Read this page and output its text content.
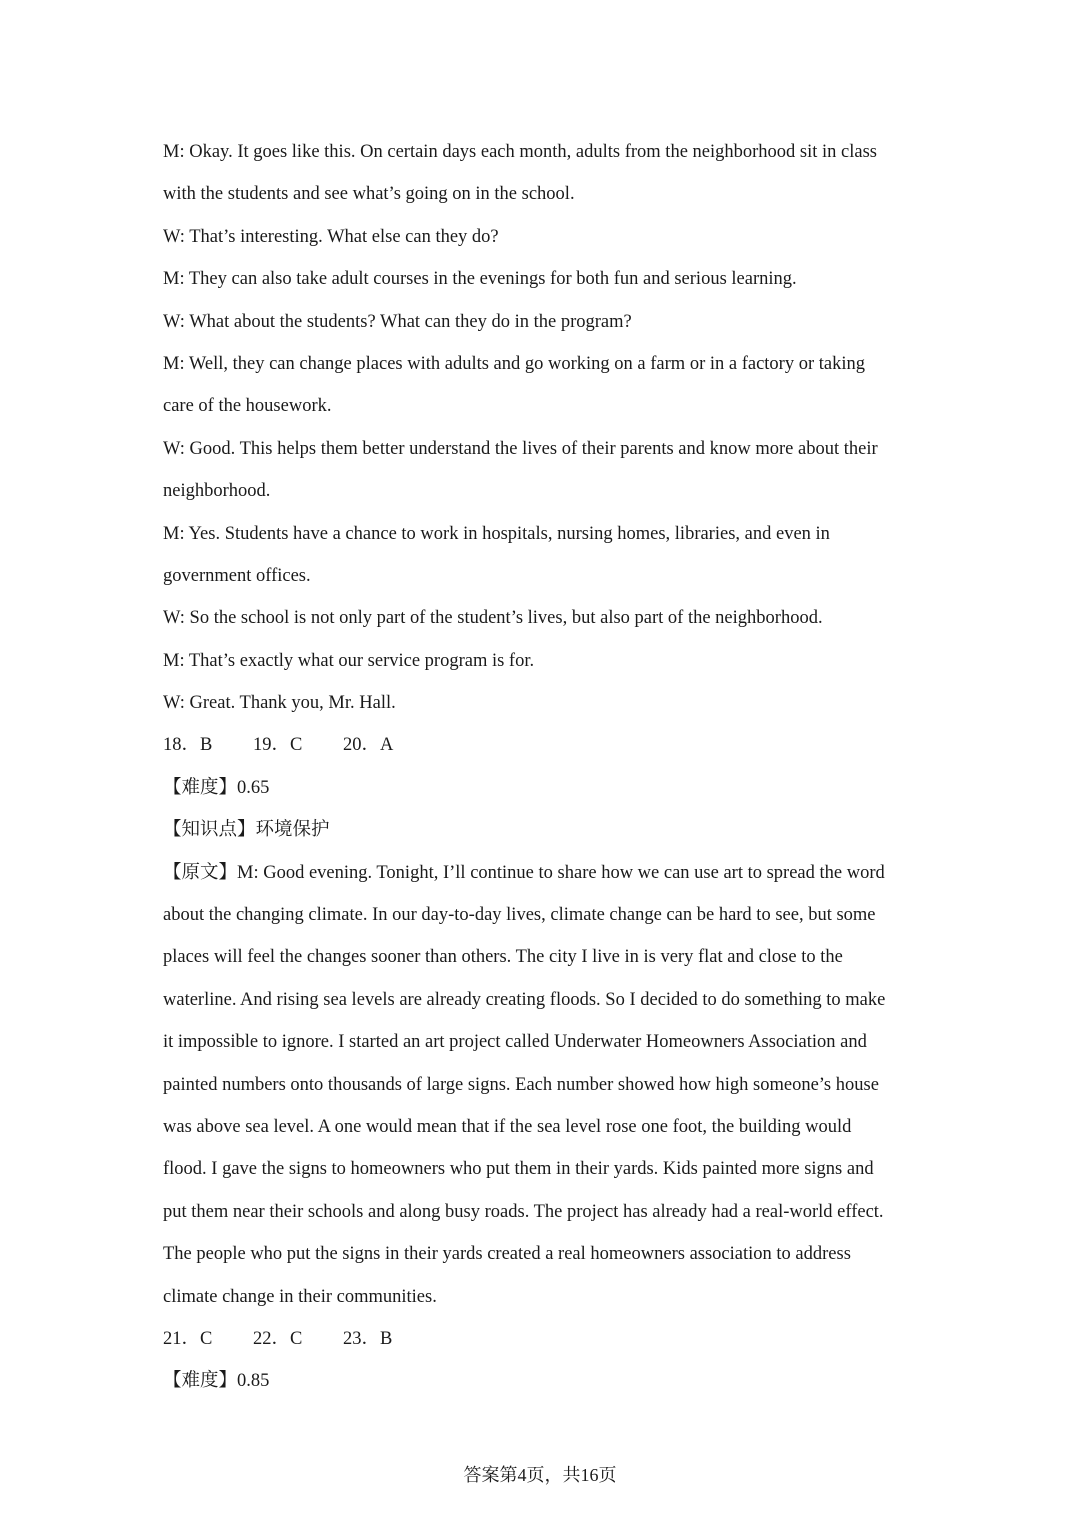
M: Okay. It goes like this. On certain days each month, adults from the neighborhood sit in class
with the students and see what’s going on in the school.
W: That’s interesting. What else can they do?
M: They can also take adult courses in the evenings for both fun and serious learning.
W: What about the students? What can they do in the program?
M: Well, they can change places with adults and go working on a farm or in a factory or taking
care of the housework.
W: Good. This helps them better understand the lives of their parents and know more about their
neighborhood.
M: Yes. Students have a chance to work in hospitals, nursing homes, libraries, and even in
government offices.
W: So the school is not only part of the student’s lives, but also part of the neighborhood.
M: That’s exactly what our service program is for.
W: Great. Thank you, Mr. Hall.
18．B 19．C 20．A
【难度】0.65
【知识点】环境保护
【原文】M: Good evening. Tonight, I’ll continue to share how we can use art to spread the word
about the changing climate. In our day-to-day lives, climate change can be hard to see, but some
places will feel the changes sooner than others. The city I live in is very flat and close to the
waterline. And rising sea levels are already creating floods. So I decided to do something to make
it impossible to ignore. I started an art project called Underwater Homeowners Association and
painted numbers onto thousands of large signs. Each number showed how high someone’s house
was above sea level. A one would mean that if the sea level rose one foot, the building would
flood. I gave the signs to homeowners who put them in their yards. Kids painted more signs and
put them near their schools and along busy roads. The project has already had a real-world effect.
The people who put the signs in their yards created a real homeowners association to address
climate change in their communities.
21．C 22．C 23．B
【难度】0.85
答案第4页，共16页
